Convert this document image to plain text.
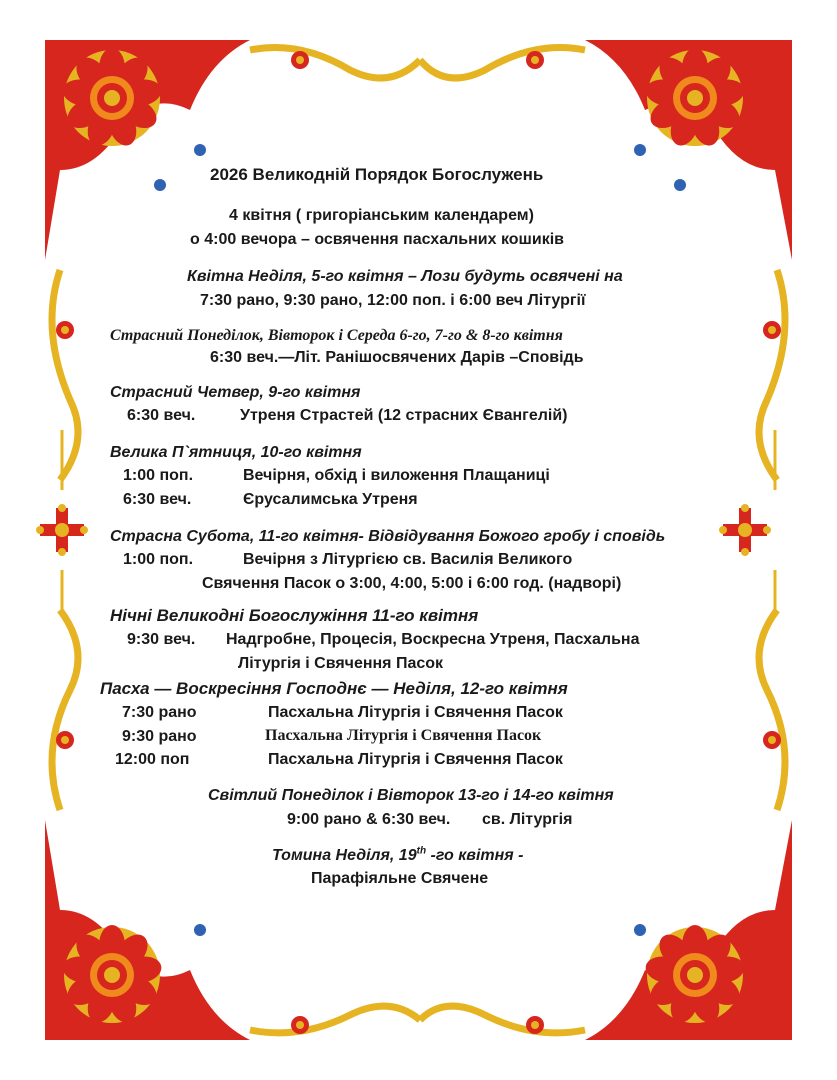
2026 Великодній Порядок Богослужень
4 квітня ( григоріанським календарем)
о 4:00 вечора – освячення пасхальних кошиків
Квітна Неділя, 5-го квітня – Лози будуть освячені на
7:30 рано, 9:30 рано, 12:00 поп. і 6:00 веч Літургії
Страсний Понеділок, Вівторок і Середа 6-го, 7-го & 8-го квітня
6:30 веч.—Літ. Ранішосвячених Дарів –Сповідь
Страсний Четвер, 9-го квітня
6:30 веч.	Утреня Страстей (12 страсних Євангелій)
Велика П`ятниця, 10-го квітня
1:00 поп.	Вечірня, обхід і виложення Плащаниці
6:30 веч.	Єрусалимська Утреня
Страсна Субота, 11-го квітня- Відвідування Божого гробу і сповідь
1:00 поп.	Вечірня з Літургією св. Василія Великого
Свячення Пасок о 3:00, 4:00, 5:00 і 6:00 год. (надворі)
Нічні Великодні Богослужіння 11-го квітня
9:30 веч. Надгробне, Процесія, Воскресна Утреня, Пасхальна
Літургія і Свячення Пасок
Пасха — Воскресіння Господнє — Неділя, 12-го квітня
7:30 рано	Пасхальна Літургія і Свячення Пасок
9:30 рано	Пасхальна Літургія і Свячення Пасок
12:00 поп	Пасхальна Літургія і Свячення Пасок
Світлий Понеділок і Вівторок 13-го і 14-го квітня
9:00 рано & 6:30 веч. св. Літургія
Томина Неділя, 19th -го квітня -
Парафіяльне Свячене
